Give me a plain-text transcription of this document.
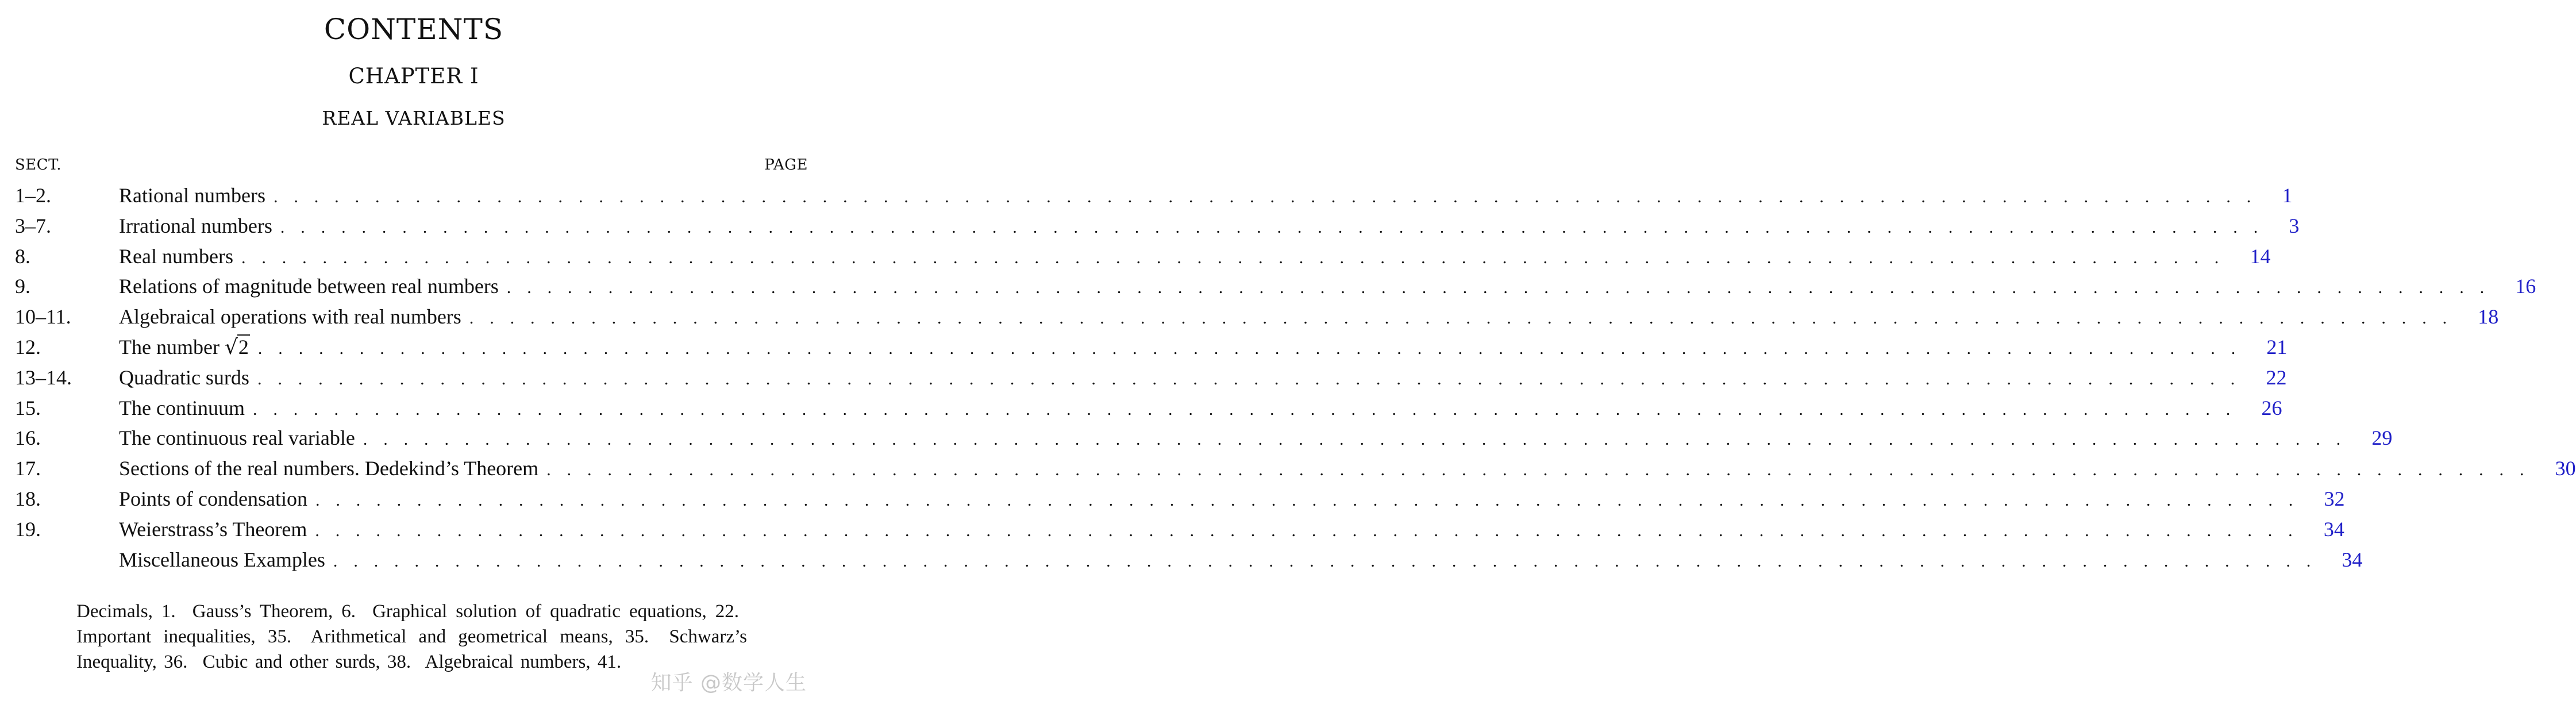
CONTENTS
CHAPTER I
REAL VARIABLES
SECT.	PAGE
1–2.	Rational numbers . . . . . . . . . . . . . . . . . . . . . . . . . . . . . . . . . . . . . . . . . . . . . . . . . . . . . . . . . . . . . . . . . . . . . . . . . . . . . . . . . . . . . . . . . . . . . . . . . . 1
3–7.	Irrational numbers . . . . . . . . . . . . . . . . . . . . . . . . . . . . . . . . . . . . . . . . . . . . . . . . . . . . . . . . . . . . . . . . . . . . . . . . . . . . . . . . . . . . . . . . . . . . . . . . . . 3
8.	Real numbers . . . . . . . . . . . . . . . . . . . . . . . . . . . . . . . . . . . . . . . . . . . . . . . . . . . . . . . . . . . . . . . . . . . . . . . . . . . . . . . . . . . . . . . . . . . . . . . . . . 14
9.	Relations of magnitude between real numbers . . . . . . . . . . . . . . . . . . . . . . . . . . . . . . . . . . . . . . . . . . . . . . . . . . . . . . . . . . . . . . . . . . . . . . . . . . . . . . . . . . . . . . . . . . . . . . . . . . 16
10–11.	Algebraical operations with real numbers . . . . . . . . . . . . . . . . . . . . . . . . . . . . . . . . . . . . . . . . . . . . . . . . . . . . . . . . . . . . . . . . . . . . . . . . . . . . . . . . . . . . . . . . . . . . . . . . . . 18
12.	The number √2 . . . . . . . . . . . . . . . . . . . . . . . . . . . . . . . . . . . . . . . . . . . . . . . . . . . . . . . . . . . . . . . . . . . . . . . . . . . . . . . . . . . . . . . . . . . . . . . . . . 21
13–14.	Quadratic surds . . . . . . . . . . . . . . . . . . . . . . . . . . . . . . . . . . . . . . . . . . . . . . . . . . . . . . . . . . . . . . . . . . . . . . . . . . . . . . . . . . . . . . . . . . . . . . . . . . 22
15.	The continuum . . . . . . . . . . . . . . . . . . . . . . . . . . . . . . . . . . . . . . . . . . . . . . . . . . . . . . . . . . . . . . . . . . . . . . . . . . . . . . . . . . . . . . . . . . . . . . . . . . 26
16.	The continuous real variable . . . . . . . . . . . . . . . . . . . . . . . . . . . . . . . . . . . . . . . . . . . . . . . . . . . . . . . . . . . . . . . . . . . . . . . . . . . . . . . . . . . . . . . . . . . . . . . . . . 29
17.	Sections of the real numbers. Dedekind’s Theorem . . . . . . . . . . . . . . . . . . . . . . . . . . . . . . . . . . . . . . . . . . . . . . . . . . . . . . . . . . . . . . . . . . . . . . . . . . . . . . . . . . . . . . . . . . . . . . . . . . 30
18.	Points of condensation . . . . . . . . . . . . . . . . . . . . . . . . . . . . . . . . . . . . . . . . . . . . . . . . . . . . . . . . . . . . . . . . . . . . . . . . . . . . . . . . . . . . . . . . . . . . . . . . . . 32
19.	Weierstrass’s Theorem . . . . . . . . . . . . . . . . . . . . . . . . . . . . . . . . . . . . . . . . . . . . . . . . . . . . . . . . . . . . . . . . . . . . . . . . . . . . . . . . . . . . . . . . . . . . . . . . . . 34
Miscellaneous Examples . . . . . . . . . . . . . . . . . . . . . . . . . . . . . . . . . . . . . . . . . . . . . . . . . . . . . . . . . . . . . . . . . . . . . . . . . . . . . . . . . . . . . . . . . . . . . . . . . . 34
Decimals, 1. Gauss’s Theorem, 6. Graphical solution of quadratic equations, 22. Important inequalities, 35. Arithmetical and geometrical means, 35. Schwarz’s Inequality, 36. Cubic and other surds, 38. Algebraical numbers, 41.
知乎 @数学人生
